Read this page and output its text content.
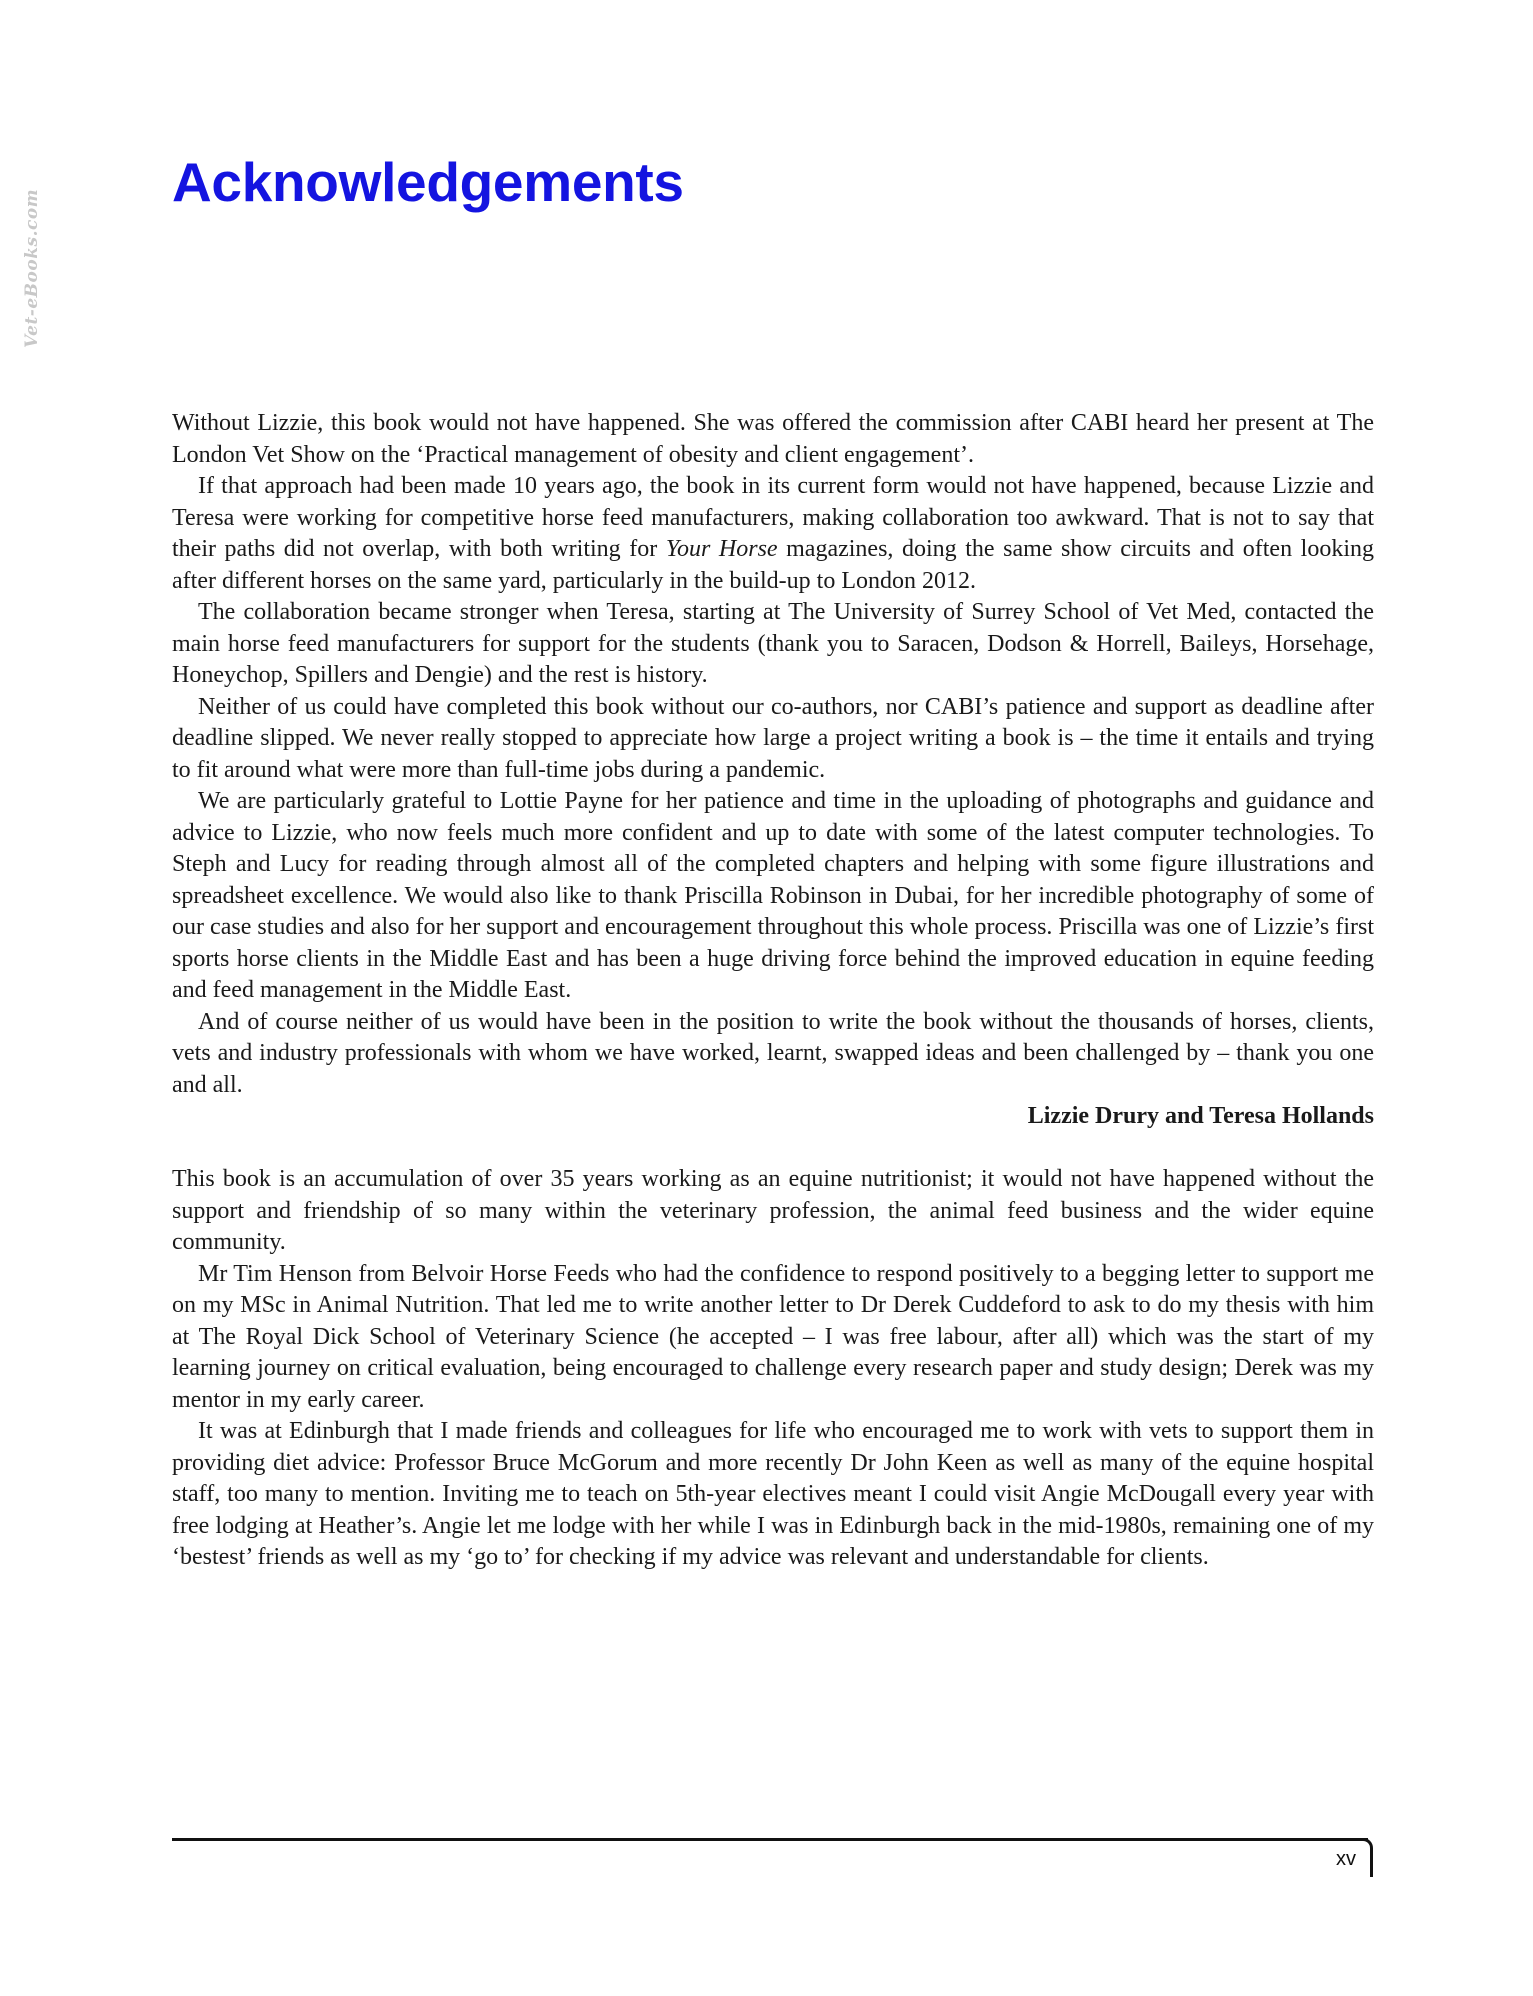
Vet-eBooks.com
Acknowledgements

Without Lizzie, this book would not have happened. She was offered the commission after CABI heard her present at The London Vet Show on the ‘Practical management of obesity and client engagement’.

If that approach had been made 10 years ago, the book in its current form would not have happened, because Lizzie and Teresa were working for competitive horse feed manufacturers, making collaboration too awkward. That is not to say that their paths did not overlap, with both writing for Your Horse magazines, doing the same show circuits and often looking after different horses on the same yard, particularly in the build-up to London 2012.

The collaboration became stronger when Teresa, starting at The University of Surrey School of Vet Med, contacted the main horse feed manufacturers for support for the students (thank you to Saracen, Dodson & Horrell, Baileys, Horsehage, Honeychop, Spillers and Dengie) and the rest is history.

Neither of us could have completed this book without our co-authors, nor CABI’s patience and support as deadline after deadline slipped. We never really stopped to appreciate how large a project writing a book is – the time it entails and trying to fit around what were more than full-time jobs during a pandemic.

We are particularly grateful to Lottie Payne for her patience and time in the uploading of photographs and guidance and advice to Lizzie, who now feels much more confident and up to date with some of the latest computer technologies. To Steph and Lucy for reading through almost all of the completed chapters and helping with some figure illustrations and spreadsheet excellence. We would also like to thank Priscilla Robinson in Dubai, for her incredible photography of some of our case studies and also for her support and encouragement throughout this whole process. Priscilla was one of Lizzie’s first sports horse clients in the Middle East and has been a huge driving force behind the improved education in equine feeding and feed management in the Middle East.

And of course neither of us would have been in the position to write the book without the thousands of horses, clients, vets and industry professionals with whom we have worked, learnt, swapped ideas and been challenged by – thank you one and all.

Lizzie Drury and Teresa Hollands

This book is an accumulation of over 35 years working as an equine nutritionist; it would not have happened without the support and friendship of so many within the veterinary profession, the animal feed business and the wider equine community.

Mr Tim Henson from Belvoir Horse Feeds who had the confidence to respond positively to a begging letter to support me on my MSc in Animal Nutrition. That led me to write another letter to Dr Derek Cuddeford to ask to do my thesis with him at The Royal Dick School of Veterinary Science (he accepted – I was free labour, after all) which was the start of my learning journey on critical evaluation, being encouraged to challenge every research paper and study design; Derek was my mentor in my early career.

It was at Edinburgh that I made friends and colleagues for life who encouraged me to work with vets to support them in providing diet advice: Professor Bruce McGorum and more recently Dr John Keen as well as many of the equine hospital staff, too many to mention. Inviting me to teach on 5th-year electives meant I could visit Angie McDougall every year with free lodging at Heather’s. Angie let me lodge with her while I was in Edinburgh back in the mid-1980s, remaining one of my ‘bestest’ friends as well as my ‘go to’ for checking if my advice was relevant and understandable for clients.

xv
